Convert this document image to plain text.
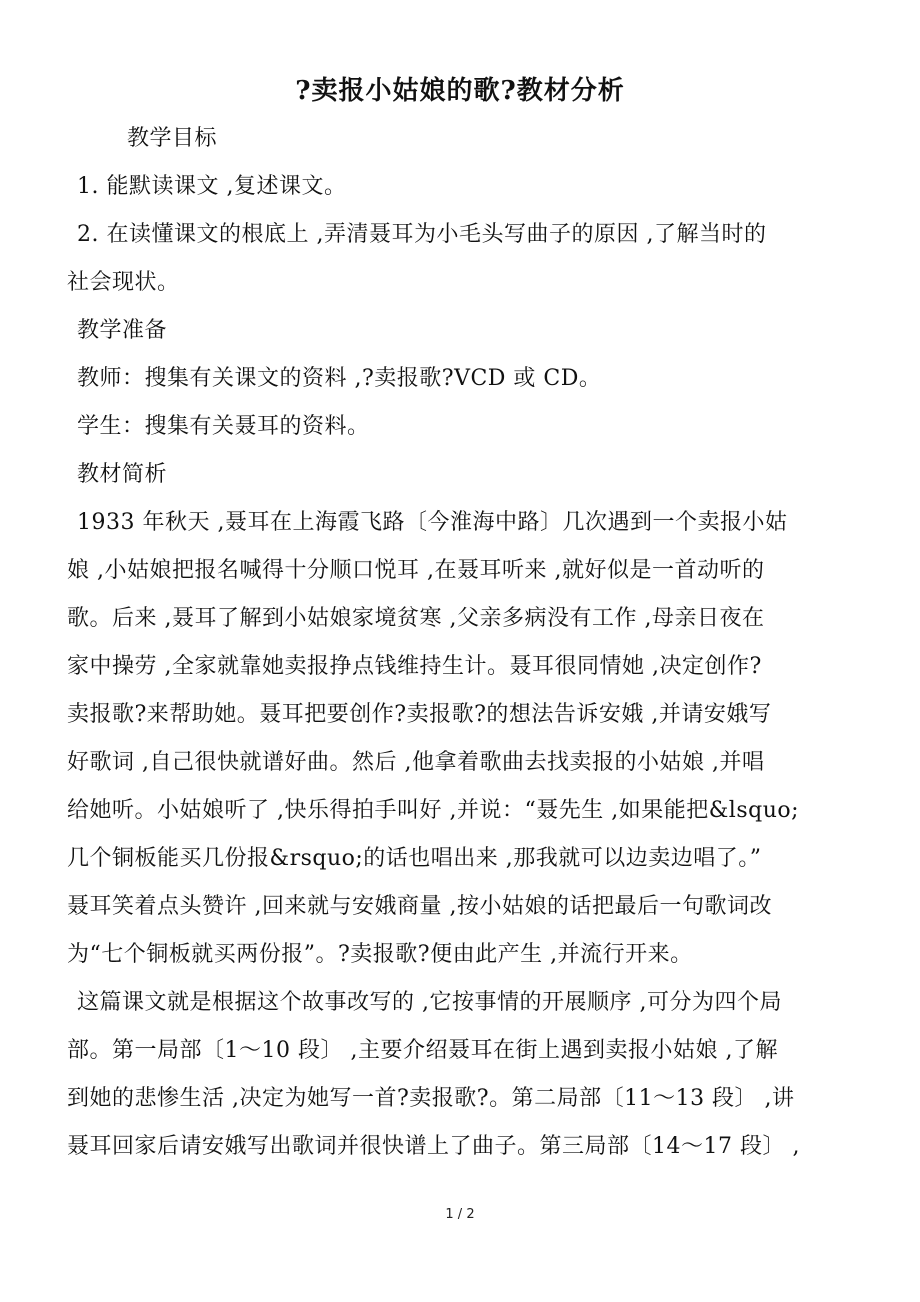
?卖报小姑娘的歌?教材分析
教学目标
1. 能默读课文 ,复述课文。
2. 在读懂课文的根底上 ,弄清聂耳为小毛头写曲子的原因 ,了解当时的
社会现状。
教学准备
教师：搜集有关课文的资料 ,?卖报歌?VCD 或 CD。
学生：搜集有关聂耳的资料。
教材简析
1933 年秋天 ,聂耳在上海霞飞路〔今淮海中路〕几次遇到一个卖报小姑
娘 ,小姑娘把报名喊得十分顺口悦耳 ,在聂耳听来 ,就好似是一首动听的
歌。后来 ,聂耳了解到小姑娘家境贫寒 ,父亲多病没有工作 ,母亲日夜在
家中操劳 ,全家就靠她卖报挣点钱维持生计。聂耳很同情她 ,决定创作?
卖报歌?来帮助她。聂耳把要创作?卖报歌?的想法告诉安娥 ,并请安娥写
好歌词 ,自己很快就谱好曲。然后 ,他拿着歌曲去找卖报的小姑娘 ,并唱
给她听。小姑娘听了 ,快乐得拍手叫好 ,并说：“聂先生 ,如果能把&lsquo;
几个铜板能买几份报&rsquo;的话也唱出来 ,那我就可以边卖边唱了。”
聂耳笑着点头赞许 ,回来就与安娥商量 ,按小姑娘的话把最后一句歌词改
为“七个铜板就买两份报”。?卖报歌?便由此产生 ,并流行开来。
这篇课文就是根据这个故事改写的 ,它按事情的开展顺序 ,可分为四个局
部。第一局部〔1～10 段〕 ,主要介绍聂耳在街上遇到卖报小姑娘 ,了解
到她的悲惨生活 ,决定为她写一首?卖报歌?。第二局部〔11～13 段〕 ,讲
聂耳回家后请安娥写出歌词并很快谱上了曲子。第三局部〔14～17 段〕 ,
1 / 2
